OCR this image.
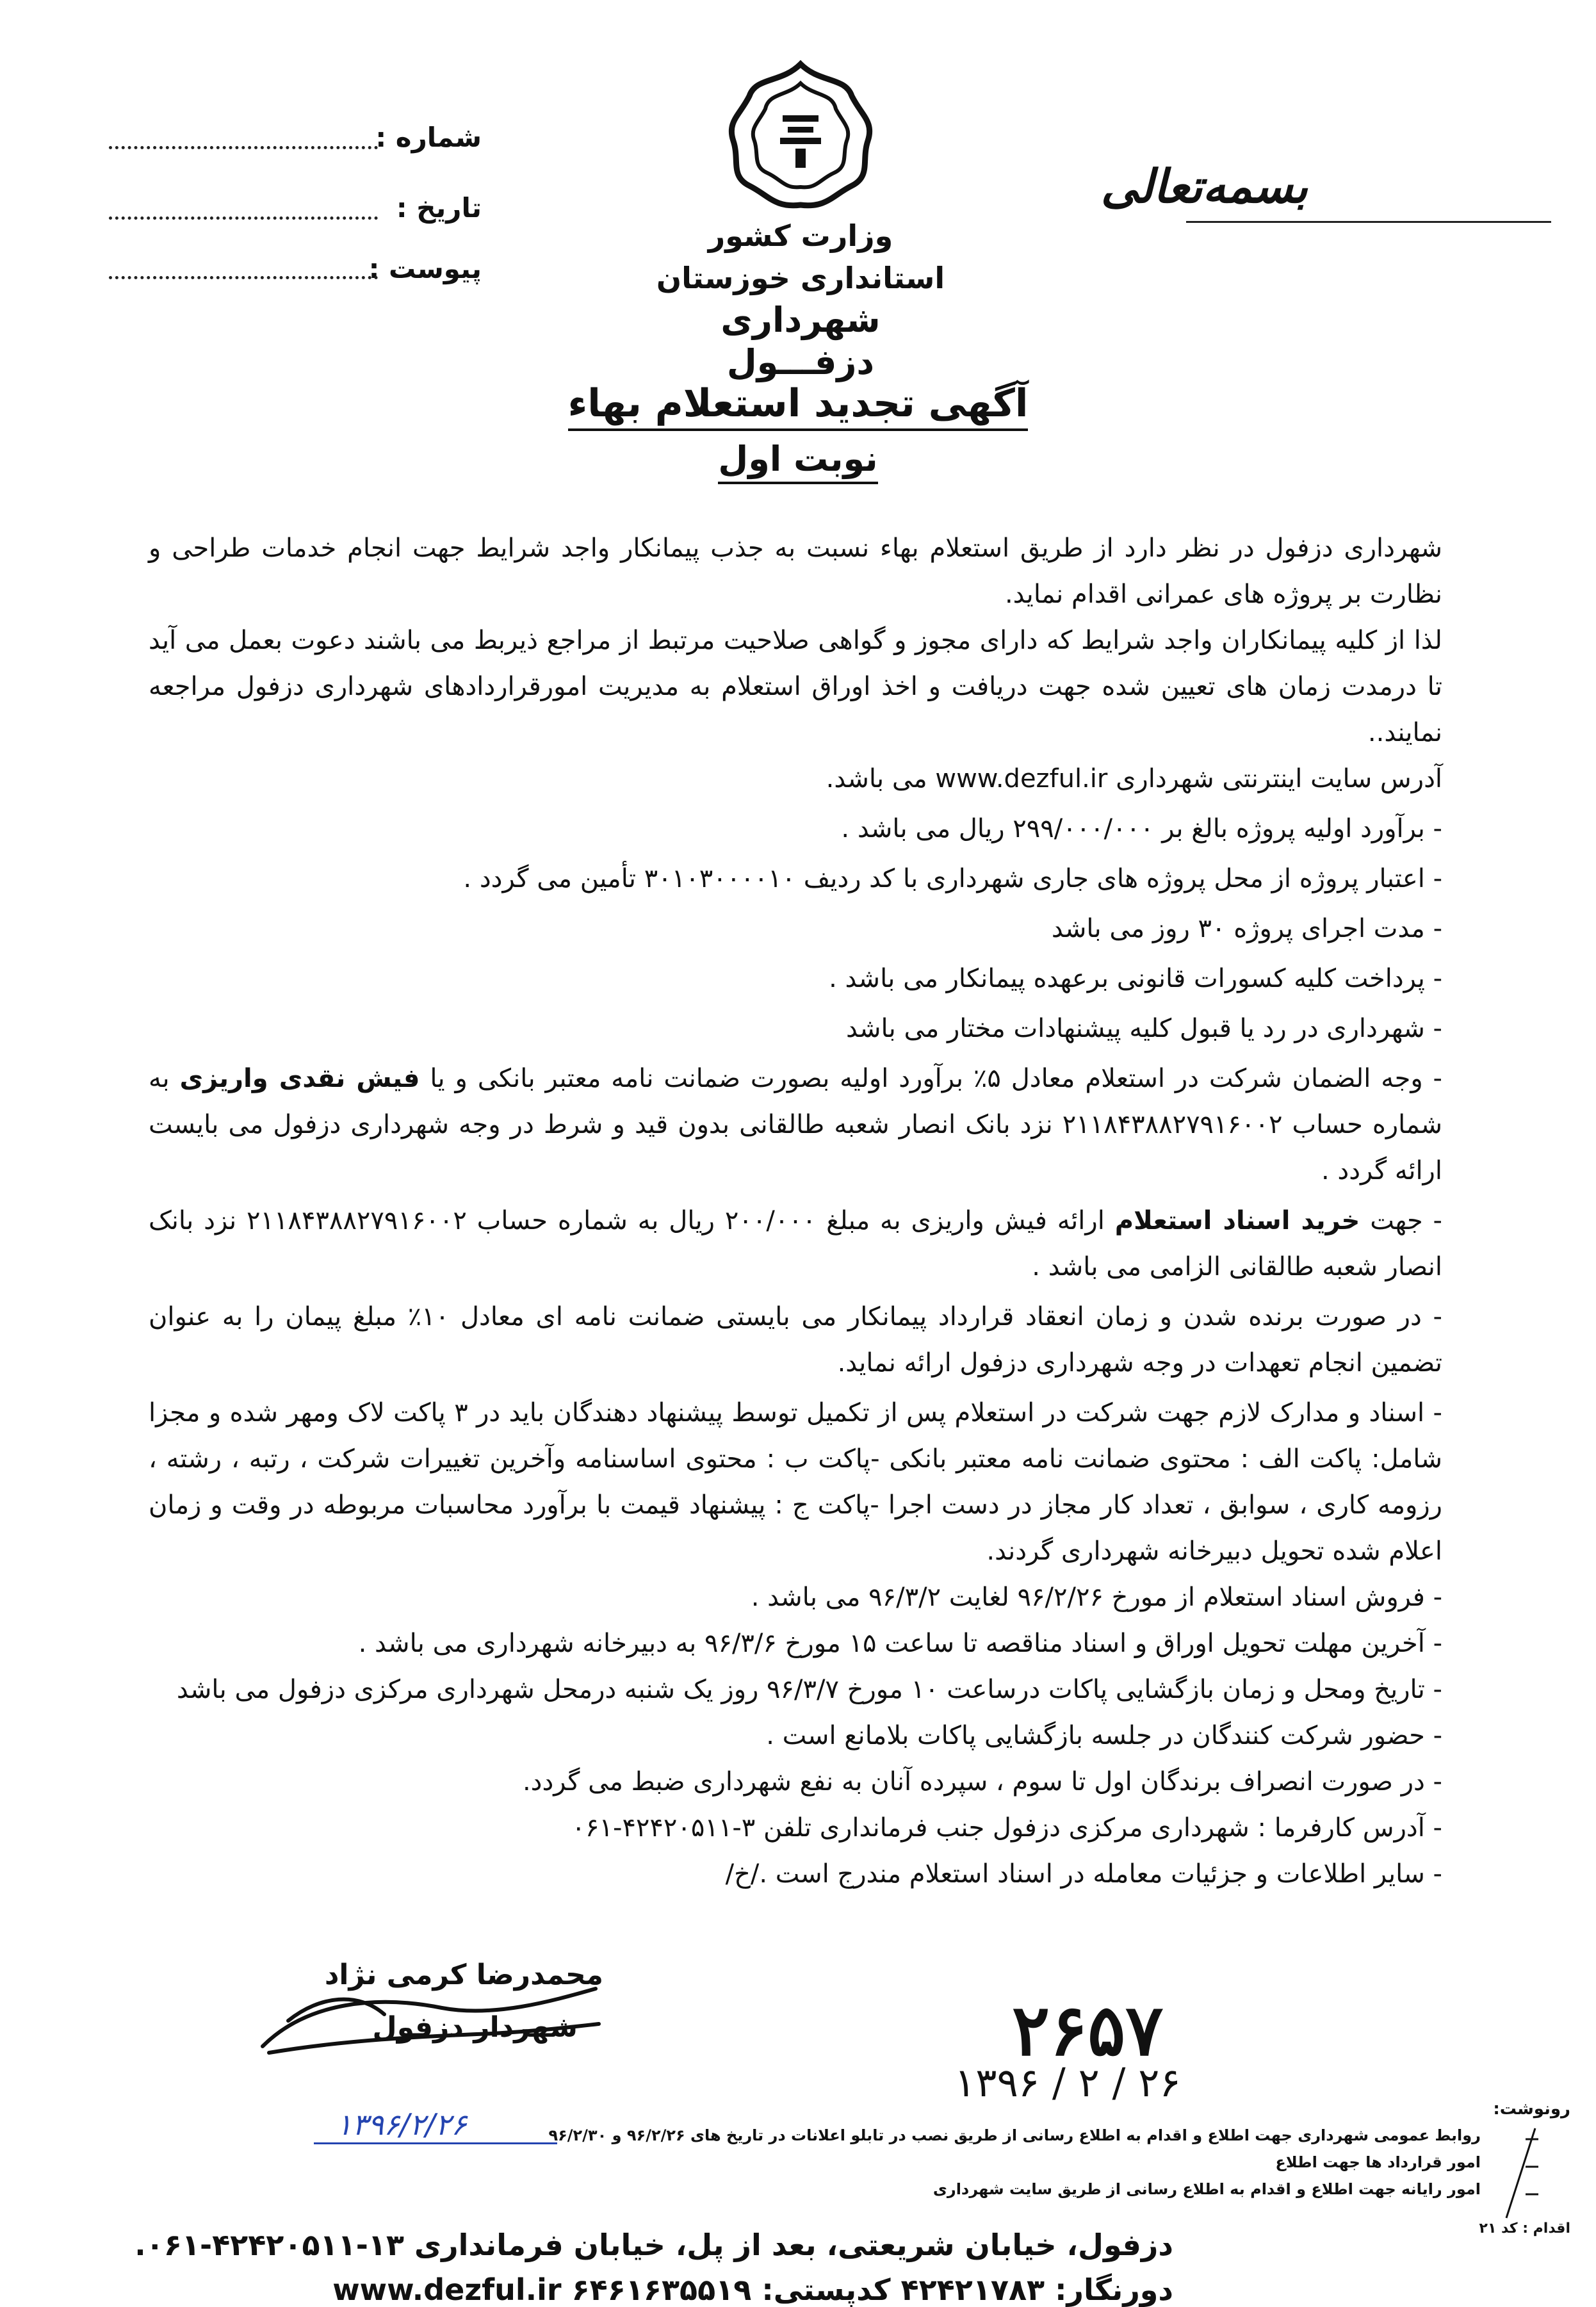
بسمه‌تعالی
وزارت کشور
استانداری خوزستان
شهرداری دزفـــول
شماره :
تاریخ :
پیوست :
آگهی تجدید استعلام بهاء
نوبت اول

شهرداری دزفول در نظر دارد از طریق استعلام بهاء نسبت به جذب پیمانکار واجد شرایط جهت انجام خدمات طراحی و نظارت بر پروژه های عمرانی اقدام نماید.

لذا از کلیه پیمانکاران واجد شرایط که دارای مجوز و گواهی صلاحیت مرتبط از مراجع ذیربط می باشند دعوت بعمل می آید تا درمدت زمان های تعیین شده جهت دریافت و اخذ اوراق استعلام به مدیریت امورقراردادهای شهرداری دزفول مراجعه نمایند..

آدرس سایت اینترنتی شهرداری www.dezful.ir می باشد.

- برآورد اولیه پروژه بالغ بر ۲۹۹/۰۰۰/۰۰۰ ریال می باشد .

- اعتبار پروژه از محل پروژه های جاری شهرداری با کد ردیف ۳۰۱۰۳۰۰۰۰۱۰ تأمین می گردد .

- مدت اجرای پروژه ۳۰ روز می باشد

- پرداخت کلیه کسورات قانونی برعهده پیمانکار می باشد .

- شهرداری در رد یا قبول کلیه پیشنهادات مختار می باشد

- وجه الضمان شرکت در استعلام معادل ۵٪ برآورد اولیه بصورت ضمانت نامه معتبر بانکی و یا فیش نقدی واریزی به شماره حساب ۲۱۱۸۴۳۸۸۲۷۹۱۶۰۰۲ نزد بانک انصار شعبه طالقانی بدون قید و شرط در وجه شهرداری دزفول می بایست ارائه گردد .

- جهت خرید اسناد استعلام ارائه فیش واریزی به مبلغ ۲۰۰/۰۰۰ ریال به شماره حساب ۲۱۱۸۴۳۸۸۲۷۹۱۶۰۰۲ نزد بانک انصار شعبه طالقانی الزامی می باشد .

- در صورت برنده شدن و زمان انعقاد قرارداد پیمانکار می بایستی ضمانت نامه ای معادل ۱۰٪ مبلغ پیمان را به عنوان تضمین انجام تعهدات در وجه شهرداری دزفول ارائه نماید.

- اسناد و مدارک لازم جهت شرکت در استعلام پس از تکمیل توسط پیشنهاد دهندگان باید در ۳ پاکت لاک ومهر شده و مجزا شامل: پاکت الف : محتوی ضمانت نامه معتبر بانکی -پاکت ب : محتوی اساسنامه وآخرین تغییرات شرکت ، رتبه ، رشته ، رزومه کاری ، سوابق ، تعداد کار مجاز در دست اجرا -پاکت ج : پیشنهاد قیمت با برآورد محاسبات مربوطه در وقت و زمان اعلام شده تحویل دبیرخانه شهرداری گردند.

- فروش اسناد استعلام از مورخ ۹۶/۲/۲۶ لغایت ۹۶/۳/۲ می باشد .

- آخرین مهلت تحویل اوراق و اسناد مناقصه تا ساعت ۱۵ مورخ ۹۶/۳/۶ به دبیرخانه شهرداری می باشد .

- تاریخ ومحل و زمان بازگشایی پاکات درساعت ۱۰ مورخ ۹۶/۳/۷ روز یک شنبه درمحل شهرداری مرکزی دزفول می باشد

- حضور شرکت کنندگان در جلسه بازگشایی پاکات بلامانع است .

- در صورت انصراف برندگان اول تا سوم ، سپرده آنان به نفع شهرداری ضبط می گردد.

- آدرس کارفرما : شهرداری مرکزی دزفول جنب فرمانداری تلفن ۳-۴۲۴۲۰۵۱۱-۰۶۱

- سایر اطلاعات و جزئیات معامله در اسناد استعلام مندرج است ./خ/

محمدرضا کرمی نژاد
شهردار دزفول	۲۶۵۷
۱۳۹۶ / ۲ / ۲۶
۱۳۹۶/۲/۲۶	رونوشت:
روابط عمومی شهرداری جهت اطلاع و اقدام به اطلاع رسانی از طریق نصب در تابلو اعلانات در تاریخ های ۹۶/۲/۲۶ و ۹۶/۲/۳۰
امور قرارداد ها جهت اطلاع
امور رایانه جهت اطلاع و اقدام به اطلاع رسانی از طریق سایت شهرداری
اقدام : کد ۲۱
دزفول، خیابان شریعتی، بعد از پل، خیابان فرمانداری ۱۳-۴۲۴۲۰۵۱۱-۰۶۱.
دورنگار: ۴۲۴۲۱۷۸۳ کدپستی: ۶۴۶۱۶۳۵۵۱۹ www.dezful.ir
